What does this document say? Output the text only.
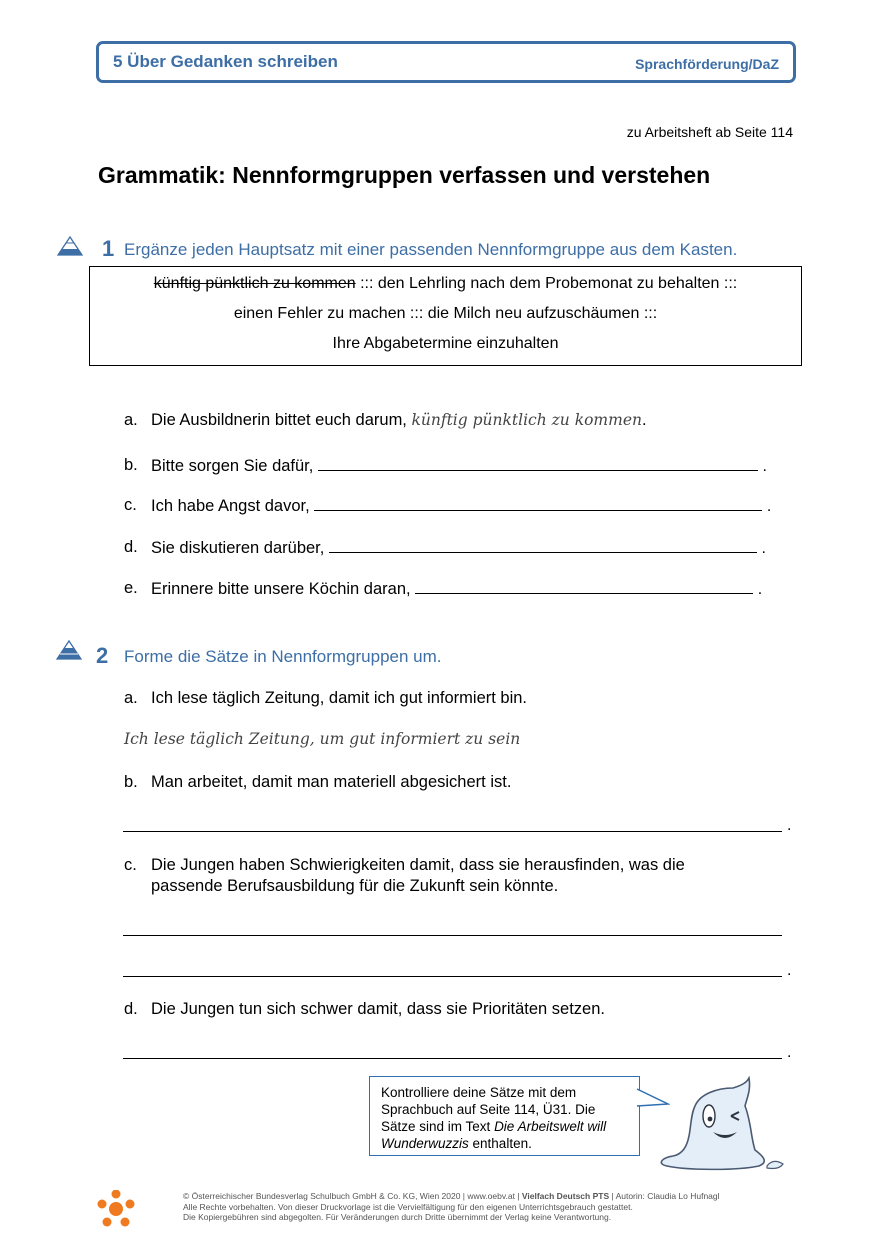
5 Über Gedanken schreiben	Sprachförderung/DaZ
zu Arbeitsheft ab Seite 114
Grammatik: Nennformgruppen verfassen und verstehen
1 Ergänze jeden Hauptsatz mit einer passenden Nennformgruppe aus dem Kasten.
künftig pünktlich zu kommen ::: den Lehrling nach dem Probemonat zu behalten :::
einen Fehler zu machen ::: die Milch neu aufzuschäumen :::
Ihre Abgabetermine einzuhalten
a. Die Ausbildnerin bittet euch darum, künftig pünktlich zu kommen.
b. Bitte sorgen Sie dafür,	.
c. Ich habe Angst davor,	.
d. Sie diskutieren darüber,	.
e. Erinnere bitte unsere Köchin daran,	.
2 Forme die Sätze in Nennformgruppen um.
a. Ich lese täglich Zeitung, damit ich gut informiert bin.
Ich lese täglich Zeitung, um gut informiert zu sein
b. Man arbeitet, damit man materiell abgesichert ist.
.
c. Die Jungen haben Schwierigkeiten damit, dass sie herausfinden, was die
passende Berufsausbildung für die Zukunft sein könnte.
.
d. Die Jungen tun sich schwer damit, dass sie Prioritäten setzen.
.
Kontrolliere deine Sätze mit dem Sprachbuch auf Seite 114, Ü31. Die Sätze sind im Text Die Arbeitswelt will Wunderwuzzis enthalten.
© Österreichischer Bundesverlag Schulbuch GmbH & Co. KG, Wien 2020 | www.oebv.at | Vielfach Deutsch PTS | Autorin: Claudia Lo Hufnagl
Alle Rechte vorbehalten. Von dieser Druckvorlage ist die Vervielfältigung für den eigenen Unterrichtsgebrauch gestattet.
Die Kopiergebühren sind abgegolten. Für Veränderungen durch Dritte übernimmt der Verlag keine Verantwortung.
